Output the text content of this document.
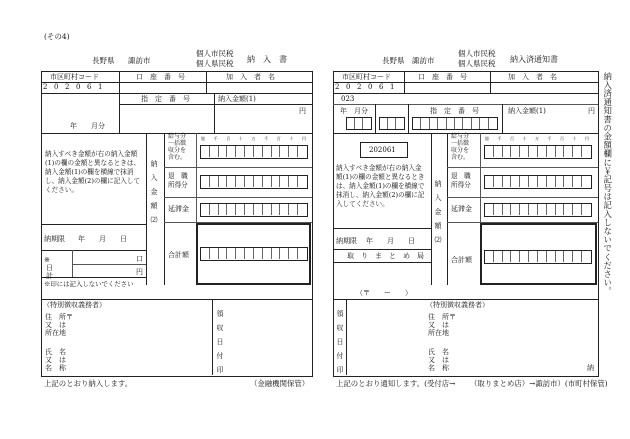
(その4)
長野県 諏訪市
個人市民税
個人県民税 納　入　書
市区町村コード	口　座　番　号	加　入　者　名
2 0 2 0 6 1
指　定　番　号	納入金額(1)
円
年　　月分
納入すべき金額が右の納入金額(1)の欄の金額と異なるときは、納入金額(1)の欄を横線で抹消し、納入金額(2)の欄に記入してください。	納　入　金　額　⑵
給与分
一括徴
収分を
含む。
退　職
所得分
延滞金
合計額
億 千 百 十 万 千 百 十 円
納期限 年　　月　　日
※
日
計
口
円
※印には記入しないでください
（特別徴収義務者）
住　所〒
又　は
所在地
氏　名
又　は
名　称	領　収　日　付　印
上記のとおり納入します。	（金融機関保管）
長野県 諏訪市
個人市民税
個人県民税 納入済通知書
市区町村コード	口　座　番　号	加　入　者　名
2 0 2 0 6 1
023
年　月分	指　定　番　号	納入金額(1)	円
202061
納入すべき金額が右の納入金額(1)の欄の金額と異なるときは、納入金額(1)の欄を横線で抹消し、納入金額(2)の欄に記入してください。	納　入　金　額　⑵
給与分
一括徴
収分を
含む。
退　職
所得分
延滞金
合計額
億 千 百 十 万 千 百 十 円
納期限 年　　月　　日
取　り　ま　と　め　局
（〒　　ー　　）
領　収　日　付　印
（特別徴収義務者）
住　所〒
又　は
所在地
氏　名
又　は
名　称	納
納入済通知書の金額欄に￥記号は記入しないでください。
上記のとおり通知します。(受付店→ （取りまとめ店）→諏訪市）(市町村保管)
